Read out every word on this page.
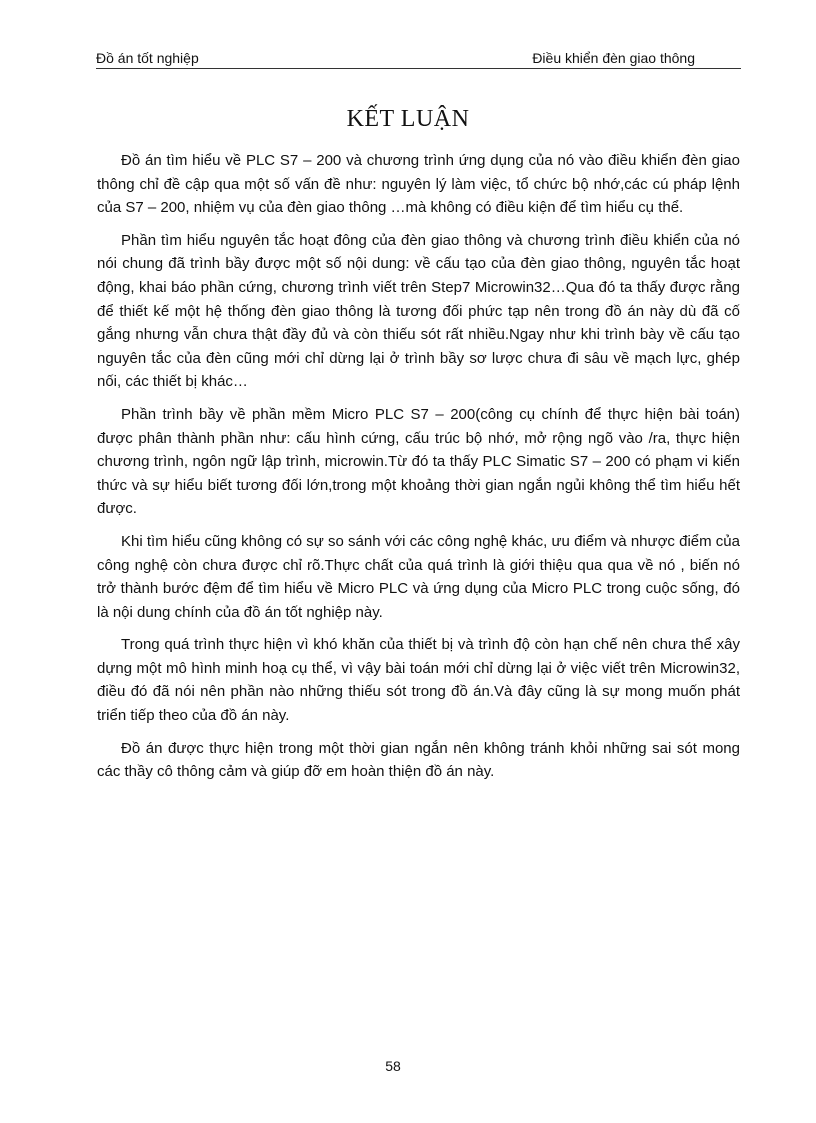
Đồ án tốt nghiệp	Điều khiển đèn giao thông
KẾT LUẬN

Đồ án tìm hiểu về PLC S7 – 200 và chương trình ứng dụng của nó vào điều khiển đèn giao thông chỉ đề cập qua một số vấn đề như: nguyên lý làm việc, tổ chức bộ nhớ,các cú pháp lệnh của S7 – 200, nhiệm vụ của đèn giao thông …mà không có điều kiện để tìm hiểu cụ thể.

Phần tìm hiểu nguyên tắc hoạt đông của đèn giao thông và chương trình điều khiển của nó nói chung đã trình bầy được một số nội dung: về cấu tạo của đèn giao thông, nguyên tắc hoạt động, khai báo phần cứng, chương trình viết trên Step7 Microwin32…Qua đó ta thấy được rằng để thiết kế một hệ thống đèn giao thông là tương đối phức tạp nên trong đồ án này dù đã cố gắng nhưng vẫn chưa thật đầy đủ và còn thiếu sót rất nhiều.Ngay như khi trình bày về cấu tạo nguyên tắc của đèn cũng mới chỉ dừng lại ở trình bầy sơ lược chưa đi sâu về mạch lực, ghép nối, các thiết bị khác…

Phần trình bầy về phần mềm Micro PLC S7 – 200(công cụ chính để thực hiện bài toán) được phân thành phần như: cấu hình cứng, cấu trúc bộ nhớ, mở rộng ngõ vào /ra, thực hiện chương trình, ngôn ngữ lập trình, microwin.Từ đó ta thấy PLC Simatic S7 – 200 có phạm vi kiến thức và sự hiểu biết tương đối lớn,trong một khoảng thời gian ngắn ngủi không thể tìm hiểu hết được.

Khi tìm hiểu cũng không có sự so sánh với các công nghệ khác, ưu điểm và nhược điểm của công nghệ còn chưa được chỉ rõ.Thực chất của quá trình là giới thiệu qua qua về nó , biến nó trở thành bước đệm để tìm hiểu về Micro PLC và ứng dụng của Micro PLC trong cuộc sống, đó là nội dung chính của đồ án tốt nghiệp này.

Trong quá trình thực hiện vì khó khăn của thiết bị và trình độ còn hạn chế nên chưa thể xây dựng một mô hình minh hoạ cụ thể, vì vậy bài toán mới chỉ dừng lại ở việc viết trên Microwin32, điều đó đã nói nên phần nào những thiếu sót trong đồ án.Và đây cũng là sự mong muốn phát triển tiếp theo của đồ án này.

Đồ án được thực hiện trong một thời gian ngắn nên không tránh khỏi những sai sót mong các thầy cô thông cảm và giúp đỡ em hoàn thiện đồ án này.

58
